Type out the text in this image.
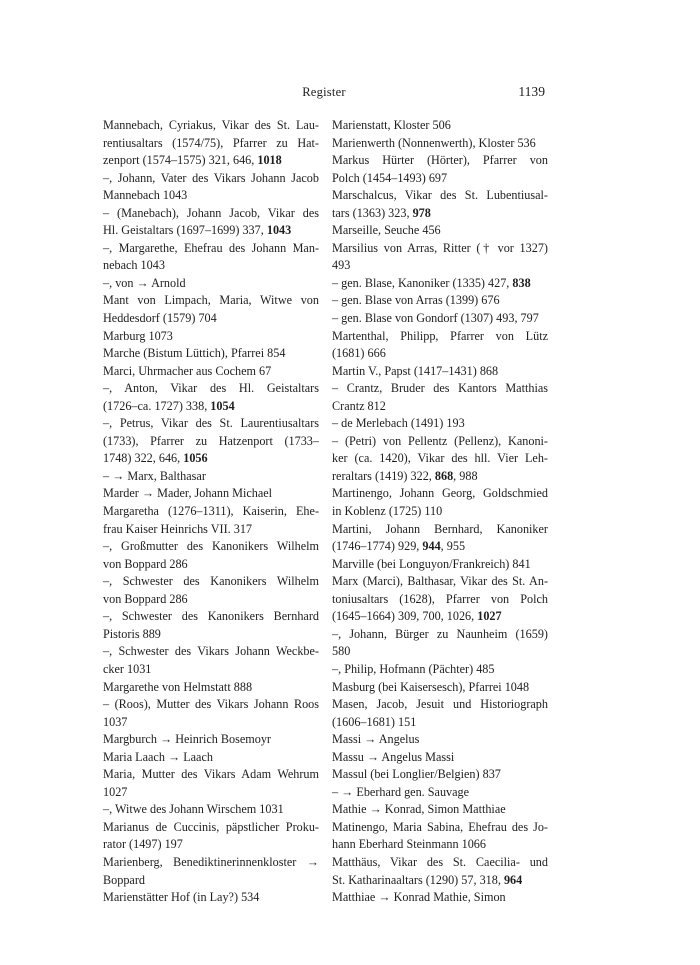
Register	1139
Mannebach, Cyriakus, Vikar des St. Lau-
rentiusaltars (1574/75), Pfarrer zu Hat-
zenport (1574–1575) 321, 646, 1018
–, Johann, Vater des Vikars Johann Jacob
Mannebach 1043
– (Manebach), Johann Jacob, Vikar des
Hl. Geistaltars (1697–1699) 337, 1043
–, Margarethe, Ehefrau des Johann Man-
nebach 1043
–, von → Arnold
Mant von Limpach, Maria, Witwe von
Heddesdorf (1579) 704
Marburg 1073
Marche (Bistum Lüttich), Pfarrei 854
Marci, Uhrmacher aus Cochem 67
–, Anton, Vikar des Hl. Geistaltars
(1726–ca. 1727) 338, 1054
–, Petrus, Vikar des St. Laurentiusaltars
(1733), Pfarrer zu Hatzenport (1733–
1748) 322, 646, 1056
– → Marx, Balthasar
Marder → Mader, Johann Michael
Margaretha (1276–1311), Kaiserin, Ehe-
frau Kaiser Heinrichs VII. 317
–, Großmutter des Kanonikers Wilhelm
von Boppard 286
–, Schwester des Kanonikers Wilhelm
von Boppard 286
–, Schwester des Kanonikers Bernhard
Pistoris 889
–, Schwester des Vikars Johann Weckbe-
cker 1031
Margarethe von Helmstatt 888
– (Roos), Mutter des Vikars Johann Roos
1037
Margburch → Heinrich Bosemoyr
Maria Laach → Laach
Maria, Mutter des Vikars Adam Wehrum
1027
–, Witwe des Johann Wirschem 1031
Marianus de Cuccinis, päpstlicher Proku-
rator (1497) 197
Marienberg, Benediktinerinnenkloster →
Boppard
Marienstätter Hof (in Lay?) 534
Marienstatt, Kloster 506
Marienwerth (Nonnenwerth), Kloster 536
Markus Hürter (Hörter), Pfarrer von
Polch (1454–1493) 697
Marschalcus, Vikar des St. Lubentiusal-
tars (1363) 323, 978
Marseille, Seuche 456
Marsilius von Arras, Ritter († vor 1327)
493
– gen. Blase, Kanoniker (1335) 427, 838
– gen. Blase von Arras (1399) 676
– gen. Blase von Gondorf (1307) 493, 797
Martenthal, Philipp, Pfarrer von Lütz
(1681) 666
Martin V., Papst (1417–1431) 868
– Crantz, Bruder des Kantors Matthias
Crantz 812
– de Merlebach (1491) 193
– (Petri) von Pellentz (Pellenz), Kanoni-
ker (ca. 1420), Vikar des hll. Vier Leh-
reraltars (1419) 322, 868, 988
Martinengo, Johann Georg, Goldschmied
in Koblenz (1725) 110
Martini, Johann Bernhard, Kanoniker
(1746–1774) 929, 944, 955
Marville (bei Longuyon/Frankreich) 841
Marx (Marci), Balthasar, Vikar des St. An-
toniusaltars (1628), Pfarrer von Polch
(1645–1664) 309, 700, 1026, 1027
–, Johann, Bürger zu Naunheim (1659)
580
–, Philip, Hofmann (Pächter) 485
Masburg (bei Kaisersesch), Pfarrei 1048
Masen, Jacob, Jesuit und Historiograph
(1606–1681) 151
Massi → Angelus
Massu → Angelus Massi
Massul (bei Longlier/Belgien) 837
– → Eberhard gen. Sauvage
Mathie → Konrad, Simon Matthiae
Matinengo, Maria Sabina, Ehefrau des Jo-
hann Eberhard Steinmann 1066
Matthäus, Vikar des St. Caecilia- und
St. Katharinaaltars (1290) 57, 318, 964
Matthiae → Konrad Mathie, Simon
